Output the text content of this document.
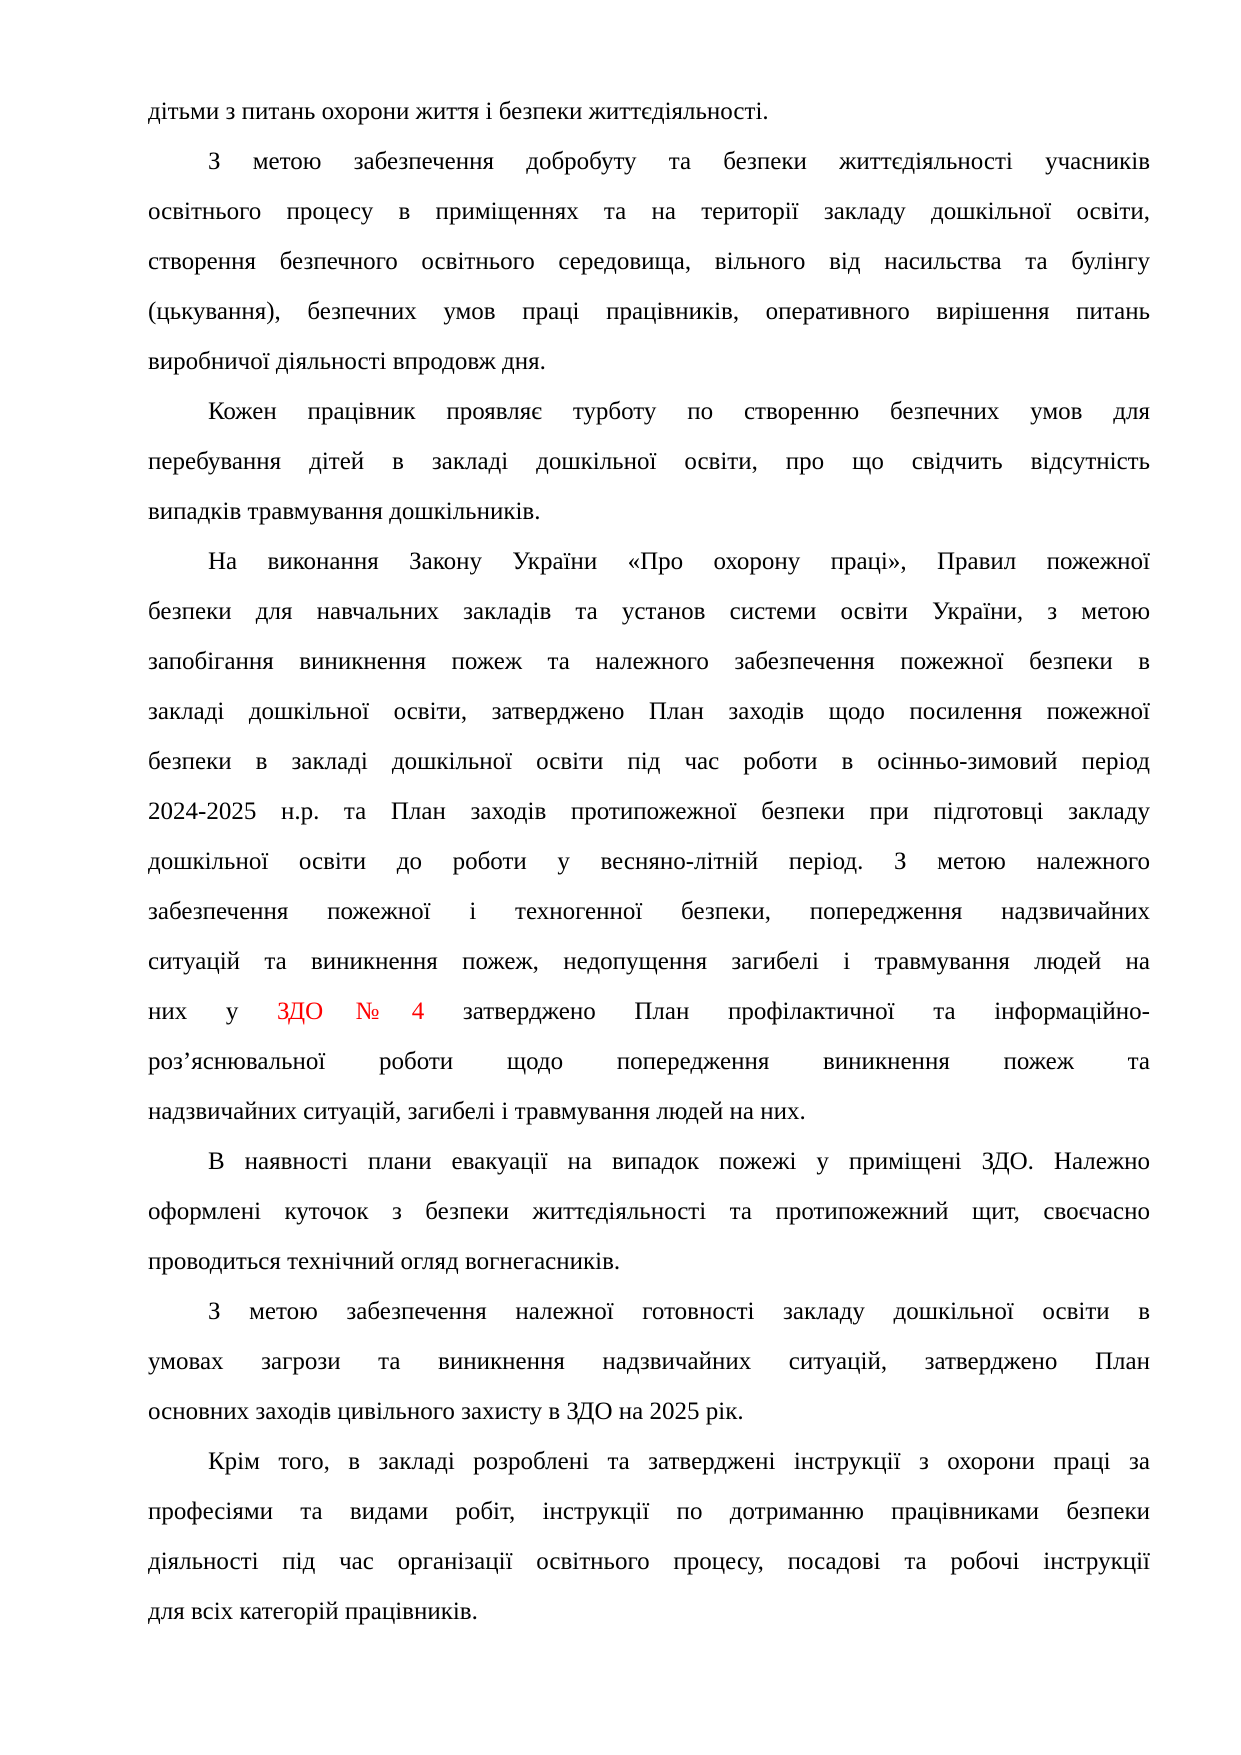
дітьми з питань охорони життя і безпеки життєдіяльності.
З метою забезпечення добробуту та безпеки життєдіяльності учасників
освітнього процесу в приміщеннях та на території закладу дошкільної освіти,
створення безпечного освітнього середовища, вільного від насильства та булінгу
(цькування), безпечних умов праці працівників, оперативного вирішення питань
виробничої діяльності впродовж дня.
Кожен працівник проявляє турботу по створенню безпечних умов для
перебування дітей в закладі дошкільної освіти, про що свідчить відсутність
випадків травмування дошкільників.
На виконання Закону України «Про охорону праці», Правил пожежної
безпеки для навчальних закладів та установ системи освіти України, з метою
запобігання виникнення пожеж та належного забезпечення пожежної безпеки в
закладі дошкільної освіти, затверджено План заходів щодо посилення пожежної
безпеки в закладі дошкільної освіти під час роботи в осінньо-зимовий період
2024-2025 н.р. та План заходів протипожежної безпеки при підготовці закладу
дошкільної освіти до роботи у весняно-літній період. З метою належного
забезпечення пожежної і техногенної безпеки, попередження надзвичайних
ситуацій та виникнення пожеж, недопущення загибелі і травмування людей на
них у ЗДО№4 затверджено План профілактичної та інформаційно-
роз’яснювальної роботи щодо попередження виникнення пожеж та
надзвичайних ситуацій, загибелі і травмування людей на них.
В наявності плани евакуації на випадок пожежі у приміщені ЗДО. Належно
оформлені куточок з безпеки життєдіяльності та протипожежний щит, своєчасно
проводиться технічний огляд вогнегасників.
З метою забезпечення належної готовності закладу дошкільної освіти в
умовах загрози та виникнення надзвичайних ситуацій, затверджено План
основних заходів цивільного захисту в ЗДО на 2025 рік.
Крім того, в закладі розроблені та затверджені інструкції з охорони праці за
професіями та видами робіт, інструкції по дотриманню працівниками безпеки
діяльності під час організації освітнього процесу, посадові та робочі інструкції
для всіх категорій працівників.
